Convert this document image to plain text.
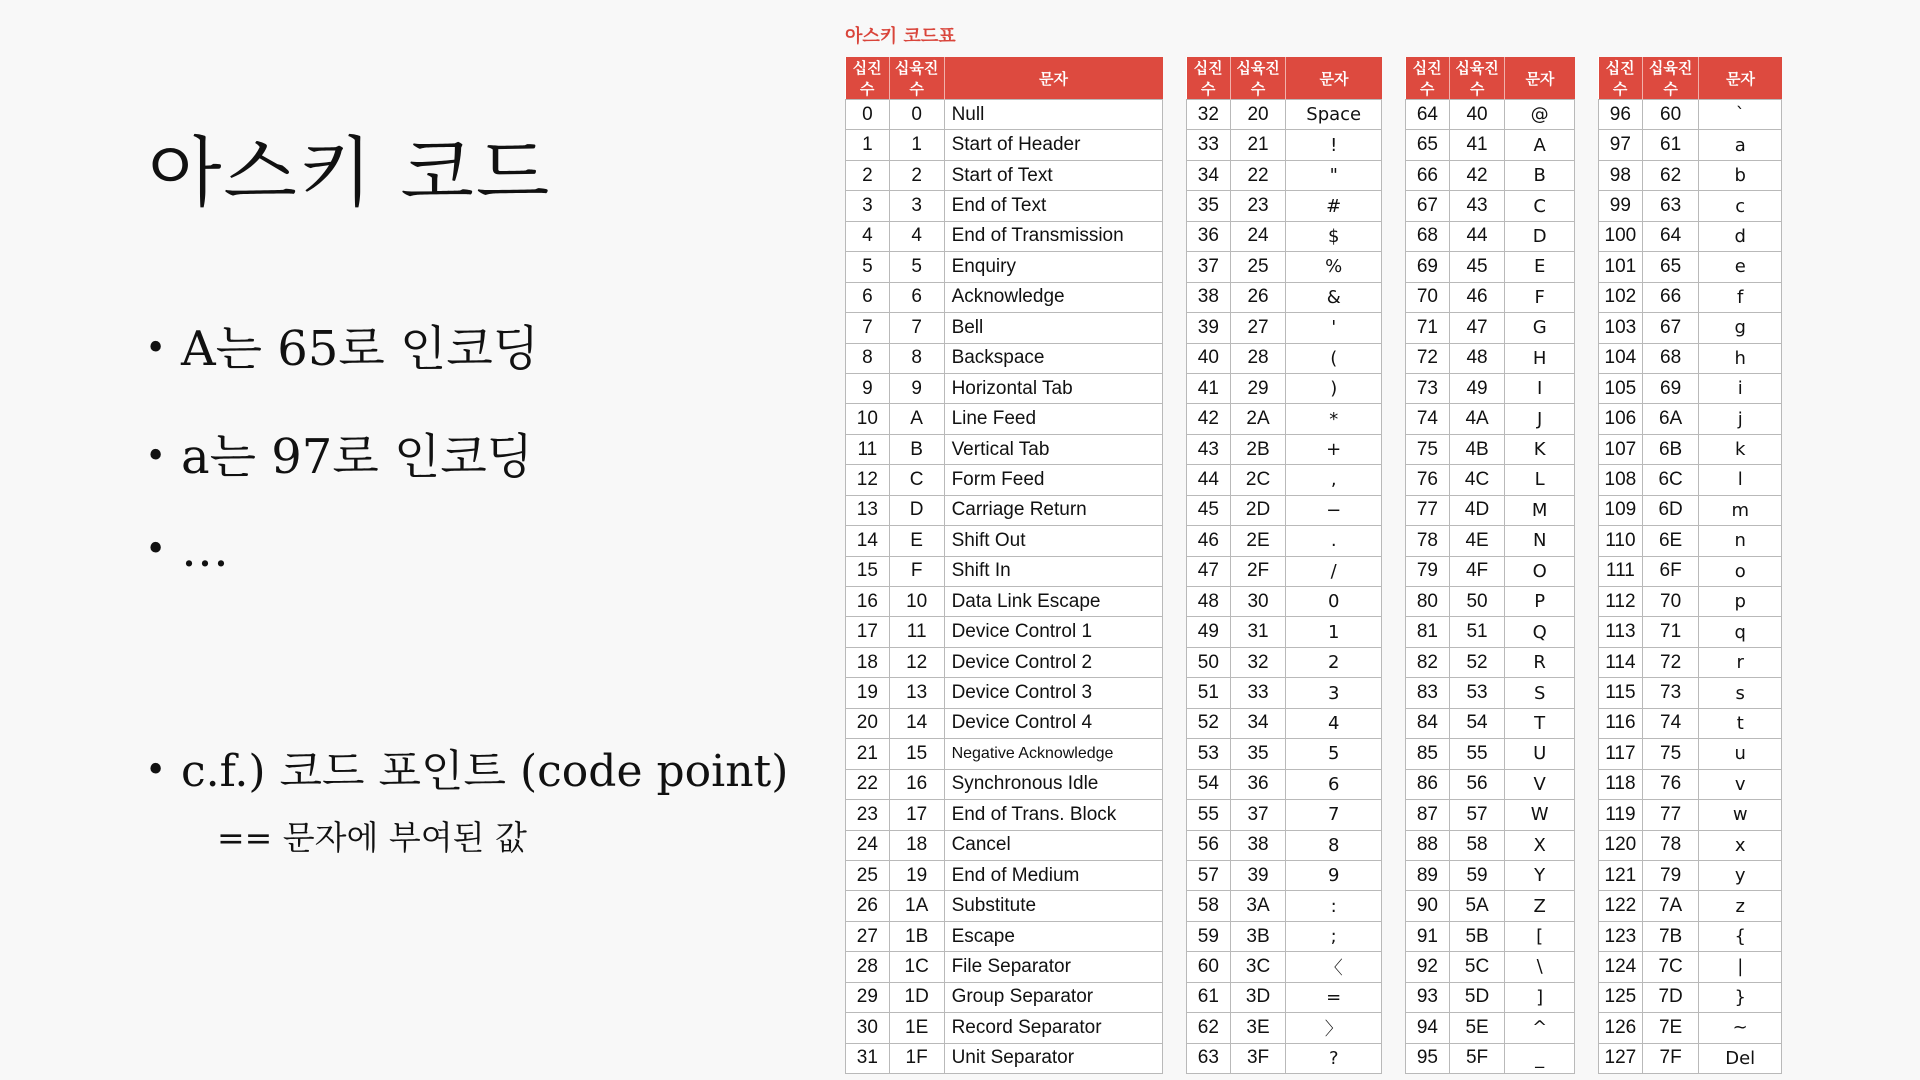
아스키 코드
• A는 65로 인코딩
• a는 97로 인코딩
• …
• c.f.) 코드 포인트 (code point)
== 문자에 부여된 값
아스키 코드표
십진수	십육진수	문자
0	0	Null
1	1	Start of Header
2	2	Start of Text
3	3	End of Text
4	4	End of Transmission
5	5	Enquiry
6	6	Acknowledge
7	7	Bell
8	8	Backspace
9	9	Horizontal Tab
10	A	Line Feed
11	B	Vertical Tab
12	C	Form Feed
13	D	Carriage Return
14	E	Shift Out
15	F	Shift In
16	10	Data Link Escape
17	11	Device Control 1
18	12	Device Control 2
19	13	Device Control 3
20	14	Device Control 4
21	15	Negative Acknowledge
22	16	Synchronous Idle
23	17	End of Trans. Block
24	18	Cancel
25	19	End of Medium
26	1A	Substitute
27	1B	Escape
28	1C	File Separator
29	1D	Group Separator
30	1E	Record Separator
31	1F	Unit Separator
십진수	십육진수	문자
32	20	Space
33	21	!
34	22	"
35	23	#
36	24	$
37	25	%
38	26	&
39	27	'
40	28	(
41	29	)
42	2A	*
43	2B	+
44	2C	,
45	2D	−
46	2E	.
47	2F	/
48	30	0
49	31	1
50	32	2
51	33	3
52	34	4
53	35	5
54	36	6
55	37	7
56	38	8
57	39	9
58	3A	:
59	3B	;
60	3C	〈
61	3D	=
62	3E	〉
63	3F	?
십진수	십육진수	문자
64	40	@
65	41	A
66	42	B
67	43	C
68	44	D
69	45	E
70	46	F
71	47	G
72	48	H
73	49	I
74	4A	J
75	4B	K
76	4C	L
77	4D	M
78	4E	N
79	4F	O
80	50	P
81	51	Q
82	52	R
83	53	S
84	54	T
85	55	U
86	56	V
87	57	W
88	58	X
89	59	Y
90	5A	Z
91	5B	[
92	5C	\
93	5D	]
94	5E	^
95	5F	_
십진수	십육진수	문자
96	60	`
97	61	a
98	62	b
99	63	c
100	64	d
101	65	e
102	66	f
103	67	g
104	68	h
105	69	i
106	6A	j
107	6B	k
108	6C	l
109	6D	m
110	6E	n
111	6F	o
112	70	p
113	71	q
114	72	r
115	73	s
116	74	t
117	75	u
118	76	v
119	77	w
120	78	x
121	79	y
122	7A	z
123	7B	{
124	7C	|
125	7D	}
126	7E	~
127	7F	Del
